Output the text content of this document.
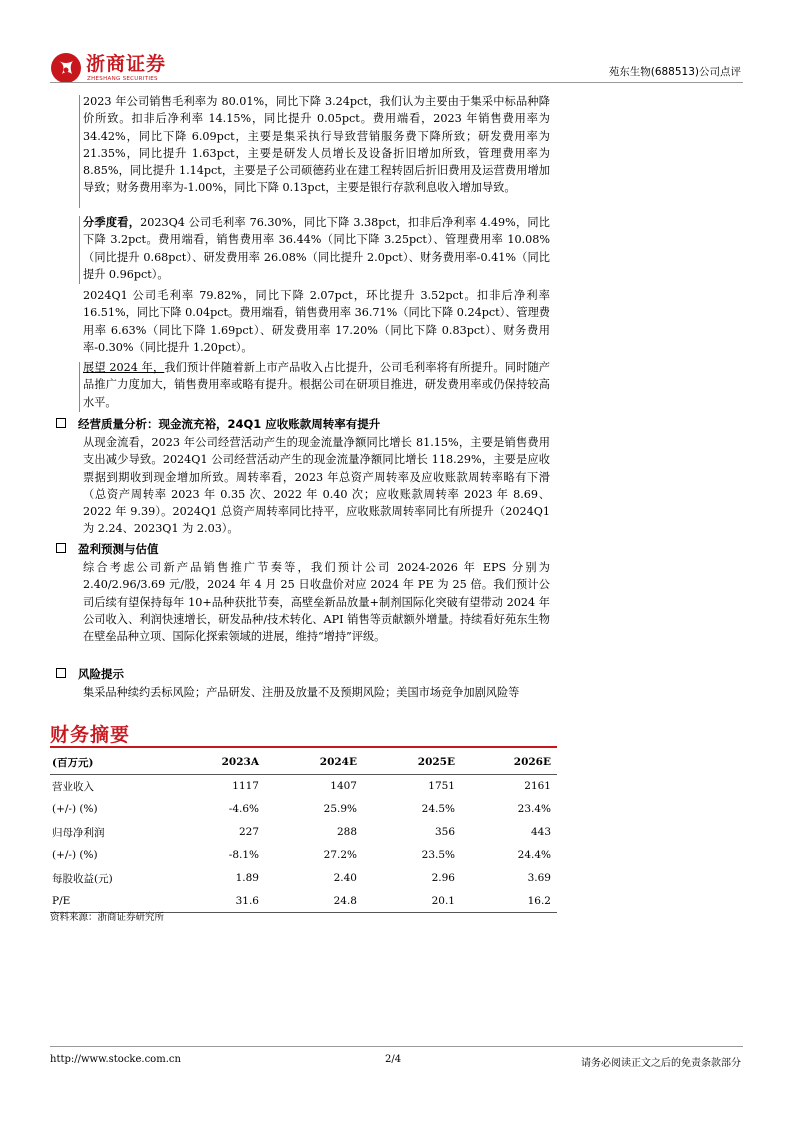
浙商证券
ZHESHANG SECURITIES
苑东生物(688513)公司点评
2023 年公司销售毛利率为 80.01%，同比下降 3.24pct，我们认为主要由于集采中标品种降价所致。扣非后净利率 14.15%，同比提升 0.05pct。费用端看，2023 年销售费用率为 34.42%，同比下降 6.09pct，主要是集采执行导致营销服务费下降所致；研发费用率为 21.35%，同比提升 1.63pct，主要是研发人员增长及设备折旧增加所致，管理费用率为 8.85%，同比提升 1.14pct，主要是子公司硕德药业在建工程转固后折旧费用及运营费用增加导致；财务费用率为-1.00%，同比下降 0.13pct，主要是银行存款利息收入增加导致。
分季度看，2023Q4 公司毛利率 76.30%，同比下降 3.38pct，扣非后净利率 4.49%，同比下降 3.2pct。费用端看，销售费用率 36.44%（同比下降 3.25pct）、管理费用率 10.08%（同比提升 0.68pct）、研发费用率 26.08%（同比提升 2.0pct）、财务费用率-0.41%（同比提升 0.96pct）。
2024Q1 公司毛利率 79.82%，同比下降 2.07pct，环比提升 3.52pct。扣非后净利率 16.51%，同比下降 0.04pct。费用端看，销售费用率 36.71%（同比下降 0.24pct）、管理费用率 6.63%（同比下降 1.69pct）、研发费用率 17.20%（同比下降 0.83pct）、财务费用率-0.30%（同比提升 1.20pct）。
展望 2024 年，我们预计伴随着新上市产品收入占比提升，公司毛利率将有所提升。同时随产品推广力度加大，销售费用率或略有提升。根据公司在研项目推进，研发费用率或仍保持较高水平。
经营质量分析：现金流充裕，24Q1 应收账款周转率有提升
从现金流看，2023 年公司经营活动产生的现金流量净额同比增长 81.15%，主要是销售费用支出减少导致。2024Q1 公司经营活动产生的现金流量净额同比增长 118.29%，主要是应收票据到期收到现金增加所致。周转率看，2023 年总资产周转率及应收账款周转率略有下滑（总资产周转率 2023 年 0.35 次、2022 年 0.40 次；应收账款周转率 2023 年 8.69、2022 年 9.39）。2024Q1 总资产周转率同比持平，应收账款周转率同比有所提升（2024Q1 为 2.24、2023Q1 为 2.03）。
盈利预测与估值
综合考虑公司新产品销售推广节奏等，我们预计公司 2024-2026 年 EPS 分别为 2.40/2.96/3.69 元/股，2024 年 4 月 25 日收盘价对应 2024 年 PE 为 25 倍。我们预计公司后续有望保持每年 10+品种获批节奏，高壁垒新品放量+制剂国际化突破有望带动 2024 年公司收入、利润快速增长，研发品种/技术转化、API 销售等贡献额外增量。持续看好苑东生物在壁垒品种立项、国际化探索领域的进展，维持“增持”评级。
风险提示
集采品种续约丢标风险；产品研发、注册及放量不及预期风险；美国市场竞争加剧风险等
财务摘要
(百万元)	2023A	2024E	2025E	2026E
营业收入	1117	1407	1751	2161
(+/-) (%)	-4.6%	25.9%	24.5%	23.4%
归母净利润	227	288	356	443
(+/-) (%)	-8.1%	27.2%	23.5%	24.4%
每股收益(元)	1.89	2.40	2.96	3.69
P/E	31.6	24.8	20.1	16.2
资料来源：浙商证券研究所
http://www.stocke.com.cn	2/4	请务必阅读正文之后的免责条款部分
